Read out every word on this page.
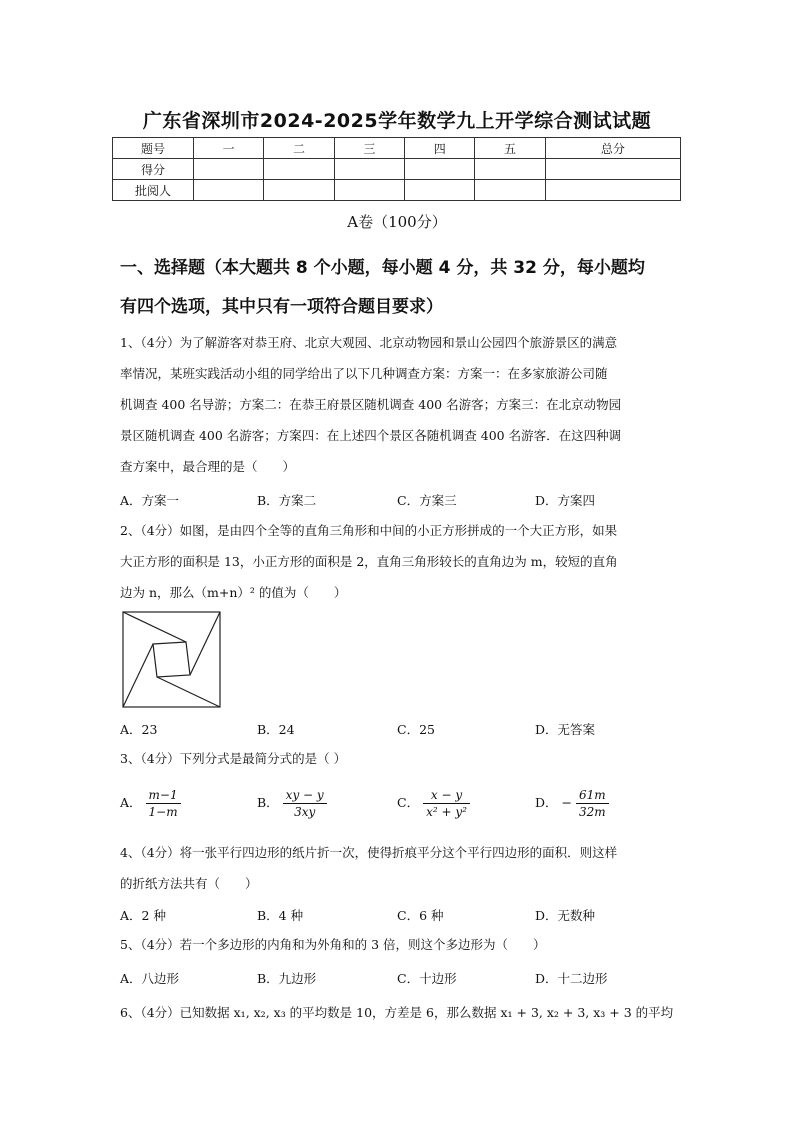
广东省深圳市2024-2025学年数学九上开学综合测试试题
题号	一	二	三	四	五	总分
得分						
批阅人						
A卷（100分）
一、选择题（本大题共 8 个小题，每小题 4 分，共 32 分，每小题均
有四个选项，其中只有一项符合题目要求）
1、（4分）为了解游客对恭王府、北京大观园、北京动物园和景山公园四个旅游景区的满意
率情况，某班实践活动小组的同学给出了以下几种调查方案：方案一：在多家旅游公司随
机调查 400 名导游；方案二：在恭王府景区随机调查 400 名游客；方案三：在北京动物园
景区随机调查 400 名游客；方案四：在上述四个景区各随机调查 400 名游客．在这四种调
查方案中，最合理的是（　　）
A．方案一	B．方案二	C．方案三	D．方案四
2、（4分）如图，是由四个全等的直角三角形和中间的小正方形拼成的一个大正方形，如果
大正方形的面积是 13，小正方形的面积是 2，直角三角形较长的直角边为 m，较短的直角
边为 n，那么（m+n）² 的值为（　　）
A．23	B．24	C．25	D．无答案
3、（4分）下列分式是最简分式的是（ ）
A． $\frac{m-1}{1-m}$	B． $\frac{xy - y}{3xy}$	C． $\frac{x - y}{\text{x² + y²}}$	D． − $\frac{61m}{32m}$
4、（4分）将一张平行四边形的纸片折一次，使得折痕平分这个平行四边形的面积．则这样
的折纸方法共有（　　）
A．2 种	B．4 种	C．6 种	D．无数种
5、（4分）若一个多边形的内角和为外角和的 3 倍，则这个多边形为（　　）
A．八边形	B．九边形	C．十边形	D．十二边形
6、（4分）已知数据 x₁, x₂, x₃ 的平均数是 10，方差是 6，那么数据 x₁ + 3, x₂ + 3, x₃ + 3 的平均
